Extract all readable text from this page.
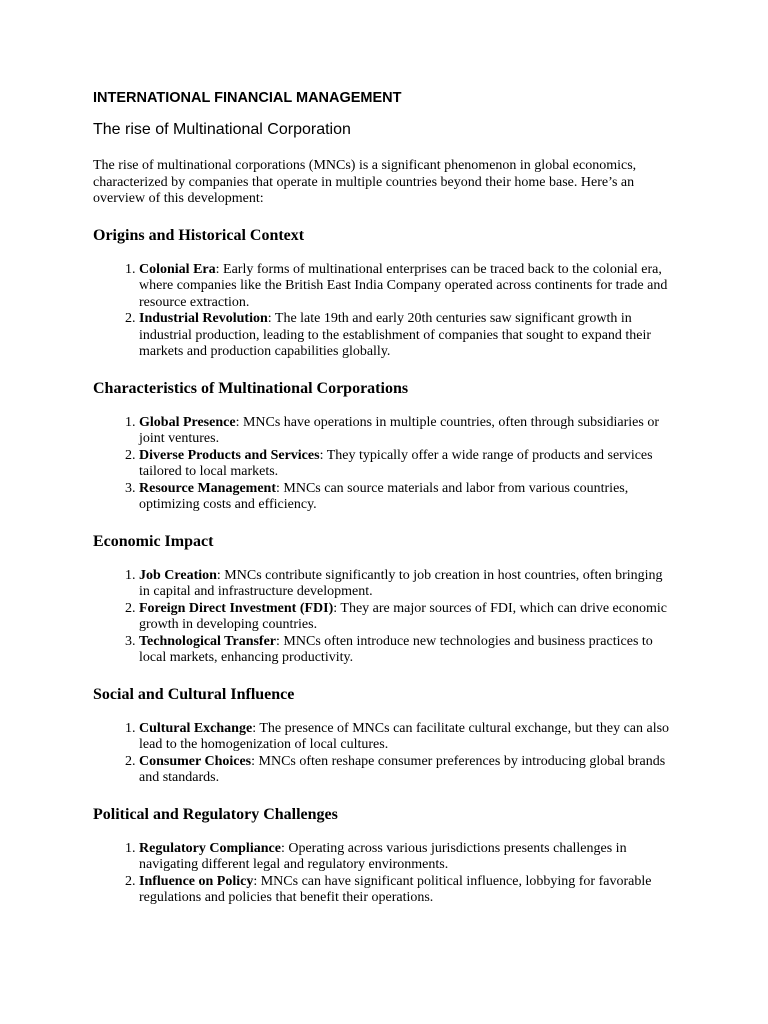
INTERNATIONAL FINANCIAL MANAGEMENT
The rise of Multinational Corporation

The rise of multinational corporations (MNCs) is a significant phenomenon in global economics, characterized by companies that operate in multiple countries beyond their home base. Here’s an overview of this development:

Origins and Historical Context
1. Colonial Era: Early forms of multinational enterprises can be traced back to the colonial era, where companies like the British East India Company operated across continents for trade and resource extraction.
2. Industrial Revolution: The late 19th and early 20th centuries saw significant growth in industrial production, leading to the establishment of companies that sought to expand their markets and production capabilities globally.
Characteristics of Multinational Corporations
1. Global Presence: MNCs have operations in multiple countries, often through subsidiaries or joint ventures.
2. Diverse Products and Services: They typically offer a wide range of products and services tailored to local markets.
3. Resource Management: MNCs can source materials and labor from various countries, optimizing costs and efficiency.
Economic Impact
1. Job Creation: MNCs contribute significantly to job creation in host countries, often bringing in capital and infrastructure development.
2. Foreign Direct Investment (FDI): They are major sources of FDI, which can drive economic growth in developing countries.
3. Technological Transfer: MNCs often introduce new technologies and business practices to local markets, enhancing productivity.
Social and Cultural Influence
1. Cultural Exchange: The presence of MNCs can facilitate cultural exchange, but they can also lead to the homogenization of local cultures.
2. Consumer Choices: MNCs often reshape consumer preferences by introducing global brands and standards.
Political and Regulatory Challenges
1. Regulatory Compliance: Operating across various jurisdictions presents challenges in navigating different legal and regulatory environments.
2. Influence on Policy: MNCs can have significant political influence, lobbying for favorable regulations and policies that benefit their operations.
